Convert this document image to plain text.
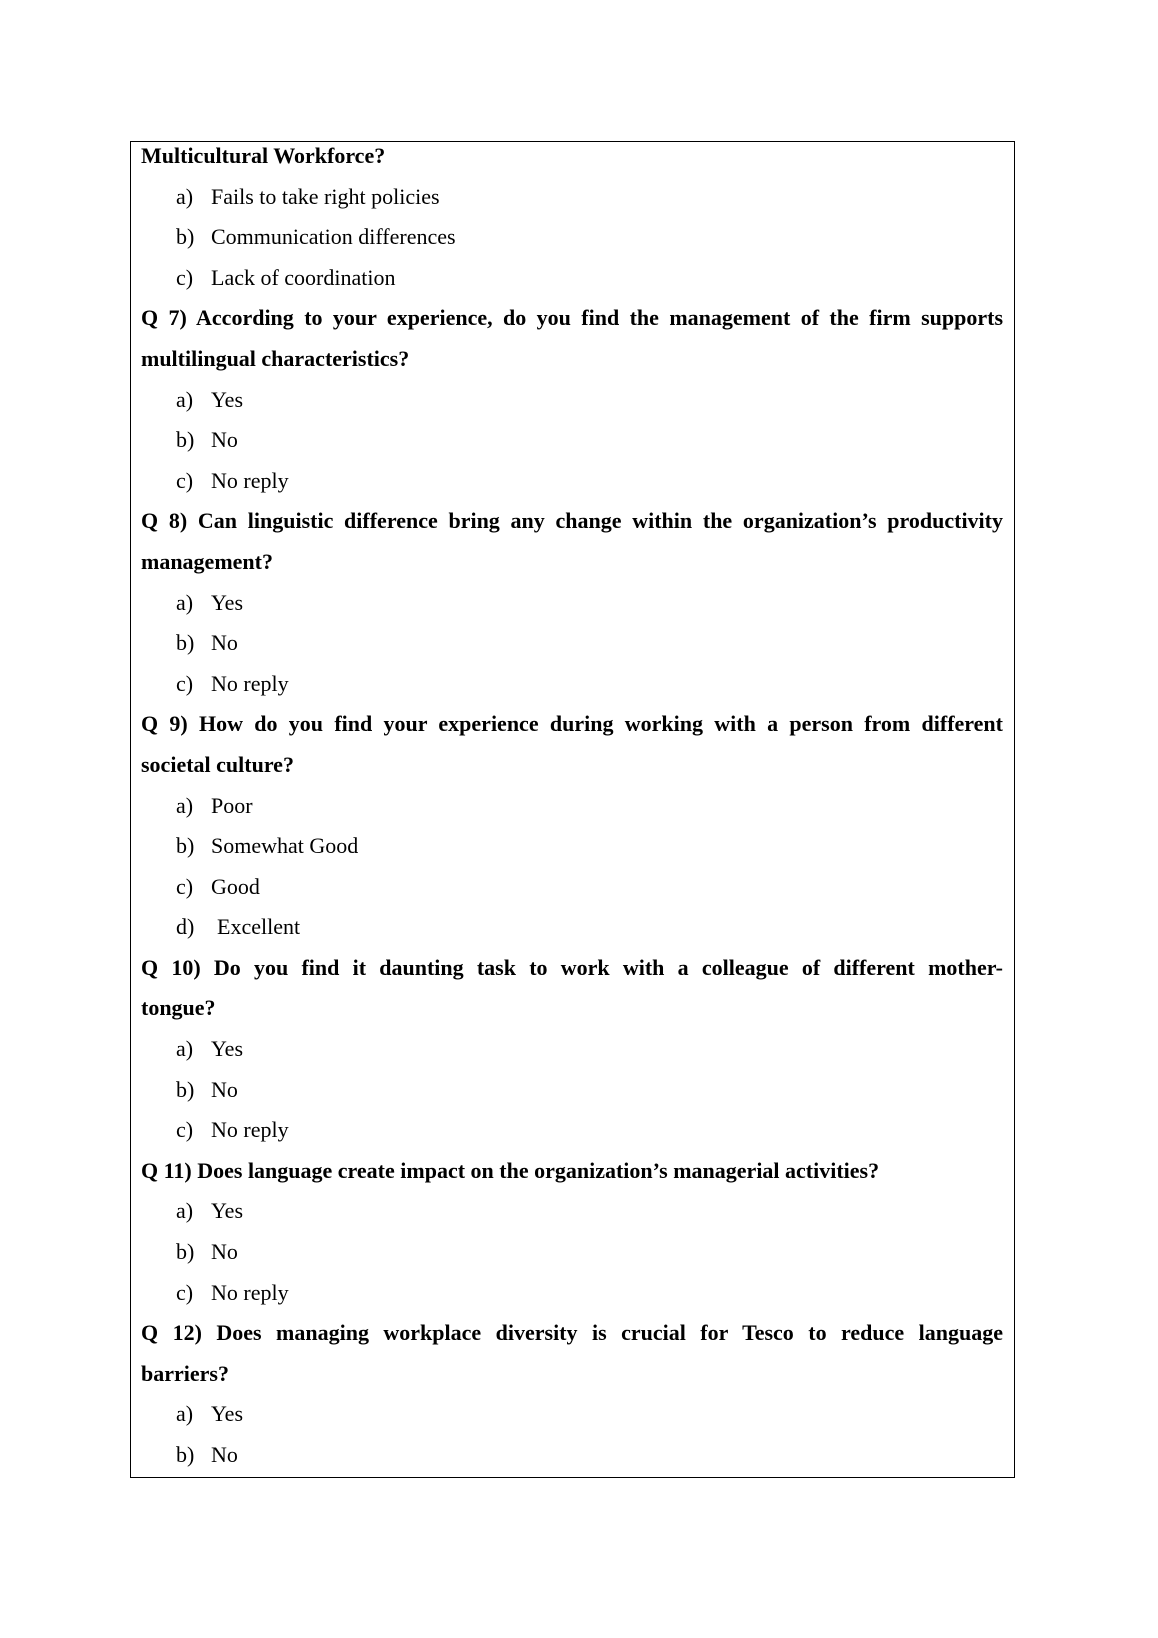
Multicultural Workforce?
a) Fails to take right policies
b) Communication differences
c) Lack of coordination
Q 7) According to your experience, do you find the management of the firm supports
multilingual characteristics?
a) Yes
b) No
c) No reply
Q 8) Can linguistic difference bring any change within the organization’s productivity
management?
a) Yes
b) No
c) No reply
Q 9) How do you find your experience during working with a person from different
societal culture?
a) Poor
b) Somewhat Good
c) Good
d) Excellent
Q 10) Do you find it daunting task to work with a colleague of different mother-
tongue?
a) Yes
b) No
c) No reply
Q 11) Does language create impact on the organization’s managerial activities?
a) Yes
b) No
c) No reply
Q 12) Does managing workplace diversity is crucial for Tesco to reduce language
barriers?
a) Yes
b) No
